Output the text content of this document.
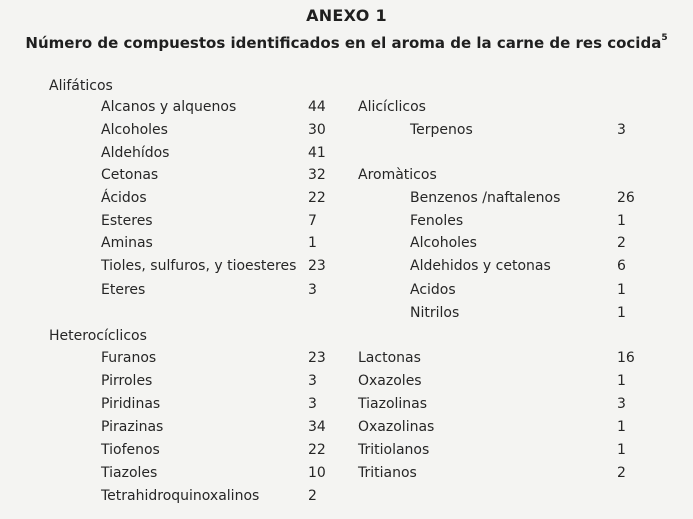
ANEXO 1
Número de compuestos identificados en el aroma de la carne de res cocida$^5$
Alifáticos
Alcanos y alquenos	44
Alcoholes	30
Aldehídos	41
Cetonas	32
Ácidos	22
Esteres	7
Aminas	1
Tioles, sulfuros, y tioesteres 23
Eteres	3
Heterocíclicos
Furanos	23
Pirroles	3
Piridinas	3
Pirazinas	34
Tiofenos	22
Tiazoles	10
Tetrahidroquinoxalinos	2
Alicíclicos
Terpenos	3
Aromàticos
Benzenos /naftalenos	26
Fenoles	1
Alcoholes	2
Aldehidos y cetonas	6
Acidos	1
Nitrilos	1
Lactonas	16
Oxazoles	1
Tiazolinas	3
Oxazolinas	1
Tritiolanos	1
Tritianos	2
